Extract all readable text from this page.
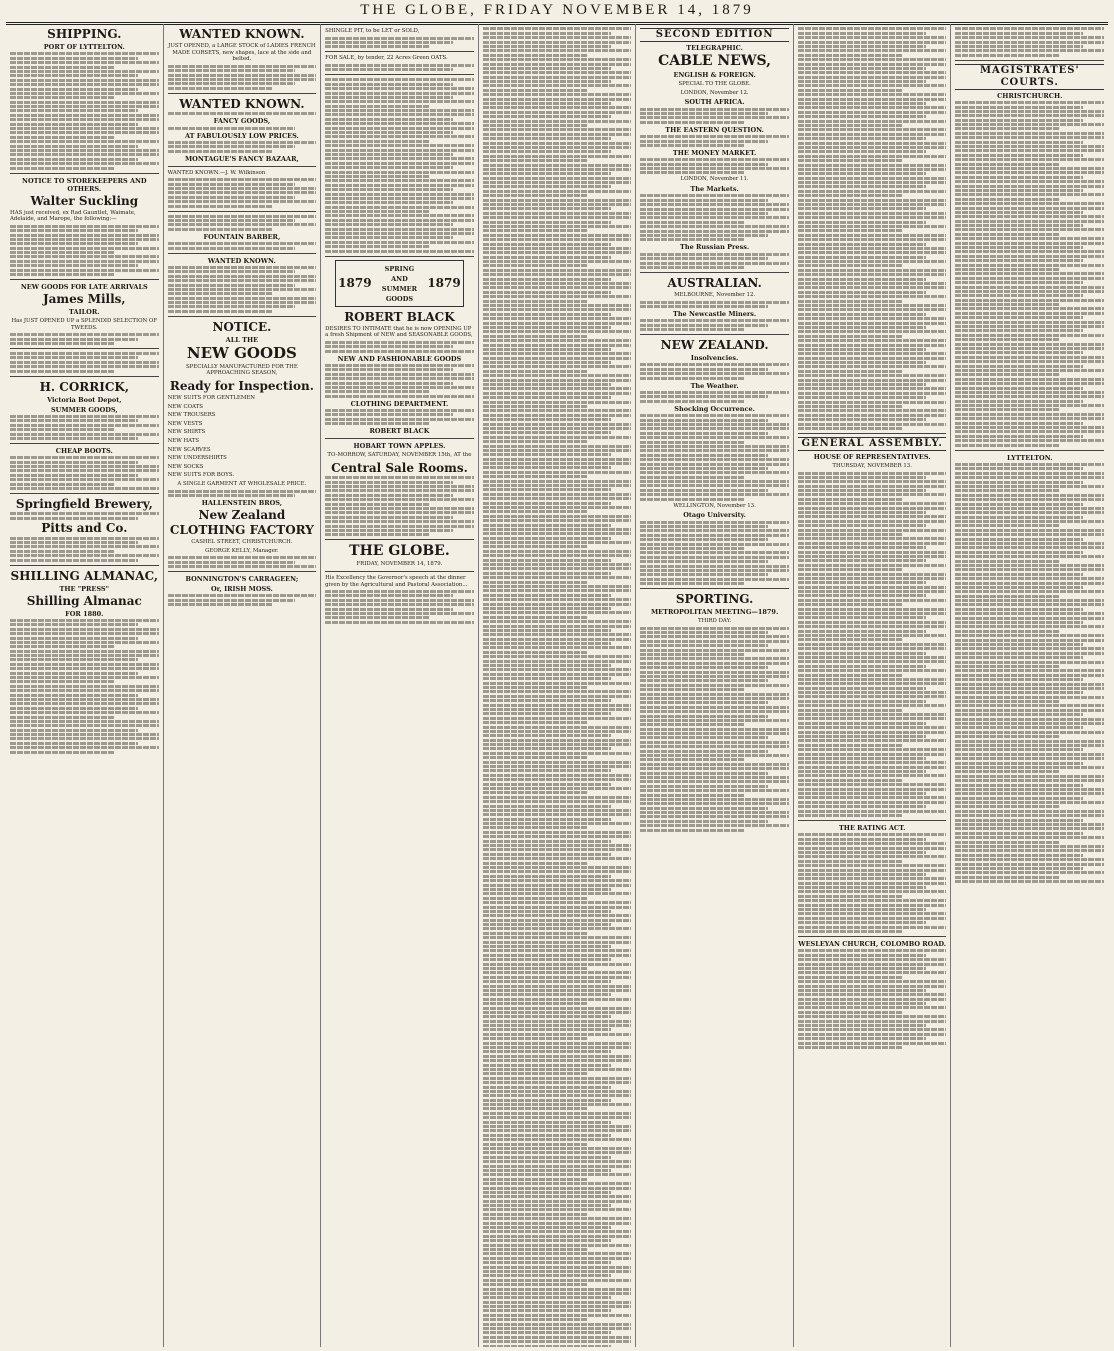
THE GLOBE, FRIDAY NOVEMBER 14, 1879
SHIPPING.
PORT OF LYTTELTON.
NOTICE TO STOREKEEPERS AND OTHERS.
Walter Suckling
HAS just received, ex Rad Gauntlet, Waimate, Adelaide, and Marope, the following:—
NEW GOODS FOR LATE ARRIVALS
James Mills,
TAILOR.
Has JUST OPENED UP a SPLENDID SELECTION OF TWEEDS.
H. CORRICK,
Victoria Boot Depot,
SUMMER GOODS,
CHEAP BOOTS.
Springfield Brewery,
Pitts and Co.
SHILLING ALMANAC,
THE "PRESS"
Shilling Almanac
FOR 1880.
WANTED KNOWN.
JUST OPENED, a LARGE STOCK of LADIES FRENCH MADE CORSETS, new shapes, lace at the side and belted.
WANTED KNOWN.
FANCY GOODS,
AT FABULOUSLY LOW PRICES.
MONTAGUE'S FANCY BAZAAR,
WANTED KNOWN.—J. W. Wilkinson
FOUNTAIN BARBER,
WANTED KNOWN.
NOTICE.
ALL THE
NEW GOODS
SPECIALLY MANUFACTURED FOR THE APPROACHING SEASON,
Ready for Inspection.
NEW SUITS FOR GENTLEMEN
NEW COATS
NEW TROUSERS
NEW VESTS
NEW SHIRTS
NEW HATS
NEW SCARVES
NEW UNDERSHIRTS
NEW SOCKS
NEW SUITS FOR BOYS.
A SINGLE GARMENT AT WHOLESALE PRICE.
HALLENSTEIN BROS,
New Zealand
CLOTHING FACTORY
CASHEL STREET, CHRISTCHURCH.
GEORGE KELLY, Manager.
BONNINGTON'S CARRAGEEN;
Or, IRISH MOSS.
SHINGLE PIT, to be LET or SOLD,
FOR SALE, by tender, 22 Acres Green OATS.
1879
SPRING
AND
SUMMER
GOODS
1879
ROBERT BLACK
DESIRES TO INTIMATE that he is now OPENING UP a fresh Shipment of NEW and SEASONABLE GOODS,
NEW AND FASHIONABLE GOODS
CLOTHING DEPARTMENT.
ROBERT BLACK
HOBART TOWN APPLES.
TO-MORROW, SATURDAY, NOVEMBER 15th, AT the
Central Sale Rooms.
THE GLOBE.
FRIDAY, NOVEMBER 14, 1879.
His Excellency the Governor's speech at the dinner given by the Agricultural and Pastoral Association...
SECOND EDITION
TELEGRAPHIC.
CABLE NEWS,
ENGLISH & FOREIGN.
SPECIAL TO THE GLOBE.
LONDON, November 12.
SOUTH AFRICA.
THE EASTERN QUESTION.
THE MONEY MARKET.
LONDON, November 11.
The Markets.
The Russian Press.
AUSTRALIAN.
MELBOURNE, November 12.
The Newcastle Miners.
NEW ZEALAND.
Insolvencies.
The Weather.
Shocking Occurrence.
WELLINGTON, November 13.
Otago University.
SPORTING.
METROPOLITAN MEETING—1879.
THIRD DAY.
GENERAL ASSEMBLY.
HOUSE OF REPRESENTATIVES.
THURSDAY, NOVEMBER 13.
THE RATING ACT.
WESLEYAN CHURCH, COLOMBO ROAD.
MAGISTRATES' COURTS.
CHRISTCHURCH.
LYTTELTON.
